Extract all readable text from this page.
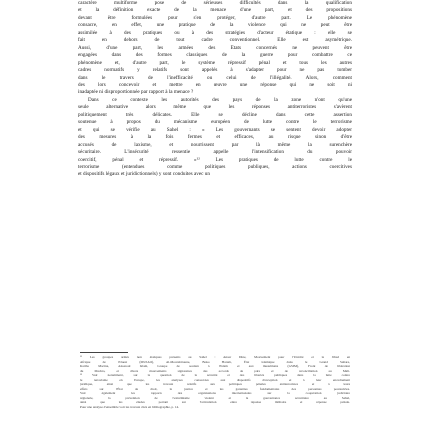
caractère multiforme pose de sérieuses difficultés dans la qualification
et la définition exacte de la menace d'une part, et des propositions
devant être formulées pour s'en protéger, d'autre part. Le phénomène
consacre, en effet, une pratique de la violence qui ne peut être
assimilée à des pratiques ou à des stratégies d'acteur étatique : elle se
fait en dehors de tout cadre conventionnel. Elle est asymétrique.
Aussi, d'une part, les armées des États concernés ne peuvent être
engagées dans des formes classiques de la guerre pour combattre ce
phénomène et, d'autre part, le système répressif pénal et tous les autres
cadres normatifs y relatifs sont appelés à s'adapter pour ne pas tomber
dans le travers de l'inefficacité ou celui de l'illégalité. Alors, comment
des lors concevoir et mettre en œuvre une réponse qui ne soit ni
inadaptée ni disproportionnée par rapport à la menace ?

Dans ce contexte les autorités des pays de la zone n'ont qu'une
seule alternative alors même que les réponses antiterroristes s'avèrent
politiquement très délicates. Elle se décline dans cette assertion
soutenue à propos du mécanisme européen de lutte contre le terrorisme
et qui se vérifie au Sahel : « Les gouvernants se sentent devoir adopter
des mesures à la fois fermes et efficaces, au risque sinon d'être
accusés de laxisme, et nourrissent par là même la surenchère
sécuritaire. L'insécurité ressentie appelle l'intensification du pouvoir
coercitif, pénal et répressif. »¹² Les pratiques de lutte contre le
terrorisme (entendues comme politiques publiques, actions coercitives
et dispositifs légaux et juridictionnels) y sont conduites avec un

¹¹ Les groupes armés non étatiques présents au Sahel : Ansar Dine, Mouvement pour l'Unicité et le Jihad en
Afrique de l'Ouest (MUJAO), Al-Mourabitoune, Boko Haram, État islamique dans le Grand Sahara,
Katiba Macina, Ansaroul Islam, Groupe de soutien à l'Islam et aux musulmans (GSIM), Front de libération
du Macina, et divers mouvements signataires des accords de paix et de réconciliation au Mali.
¹² Voir notamment, sur la question de la sécurité et des libertés publiques dans la lutte contre
le terrorisme en Europe, les analyses consacrées aux dispositifs d'exception et à leur encadrement
juridique, ainsi que les travaux relatifs aux politiques pénales antiterroristes et à leurs
effets sur l'État de droit, la justice et les garanties fondamentales des personnes poursuivies.
Voir également les rapports des organisations internationales sur la coopération judiciaire
régionale, la prévention de l'extrémisme violent et la gouvernance sécuritaire au Sahel,
ainsi que les études portant sur l'articulation entre réponse militaire et réponse pénale.
Pour une analyse d'ensemble voir les travaux cités en bibliographie, p. 14.
